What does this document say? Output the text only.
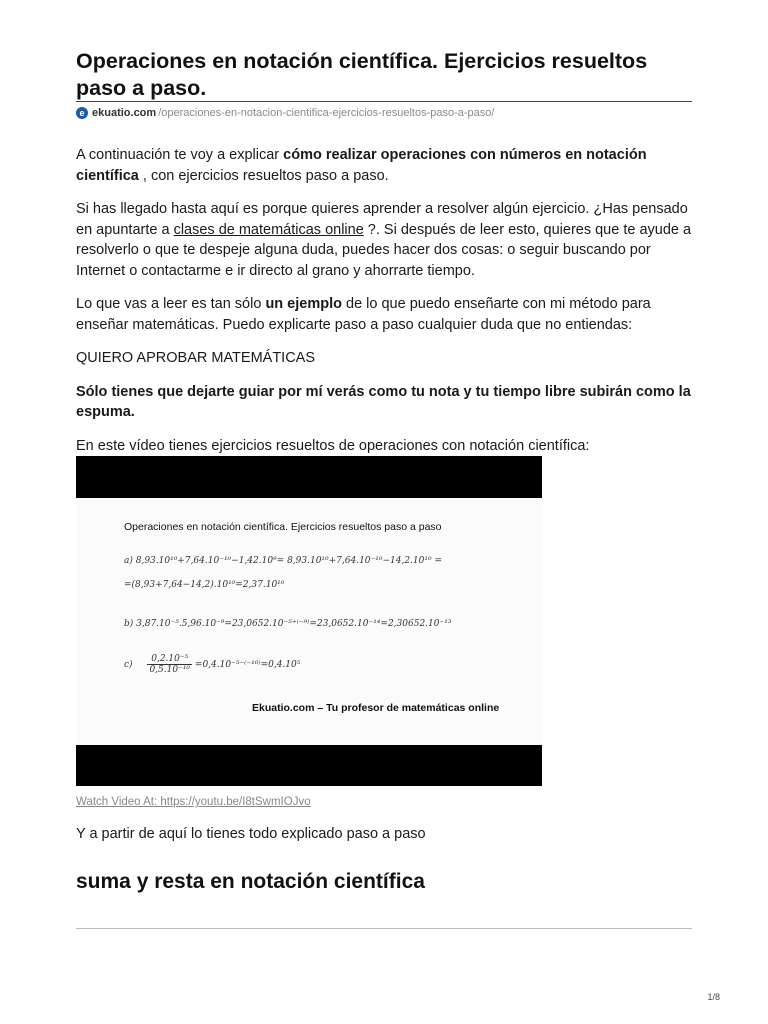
Operaciones en notación científica. Ejercicios resueltos paso a paso.
e ekuatio.com /operaciones-en-notacion-cientifica-ejercicios-resueltos-paso-a-paso/

A continuación te voy a explicar cómo realizar operaciones con números en notación científica , con ejercicios resueltos paso a paso.

Si has llegado hasta aquí es porque quieres aprender a resolver algún ejercicio. ¿Has pensado en apuntarte a clases de matemáticas online ?. Si después de leer esto, quieres que te ayude a resolverlo o que te despeje alguna duda, puedes hacer dos cosas: o seguir buscando por Internet o contactarme e ir directo al grano y ahorrarte tiempo.

Lo que vas a leer es tan sólo un ejemplo de lo que puedo enseñarte con mi método para enseñar matemáticas. Puedo explicarte paso a paso cualquier duda que no entiendas:

QUIERO APROBAR MATEMÁTICAS

Sólo tienes que dejarte guiar por mí verás como tu nota y tu tiempo libre subirán como la espuma.

En este vídeo tienes ejercicios resueltos de operaciones con notación científica:

Operaciones en notación científica. Ejercicios resueltos paso a paso
a) 8,93.10¹⁰+7,64.10⁻¹⁰−1,42.10⁹= 8,93.10¹⁰+7,64.10⁻¹⁰−14,2.10¹⁰ =
=(8,93+7,64−14,2).10¹⁰=2,37.10¹⁰
b) 3,87.10⁻⁵.5,96.10⁻⁹=23,0652.10⁻⁵⁺⁽⁻⁹⁾=23,0652.10⁻¹⁴=2,30652.10⁻¹³
$c) \frac{\text{0,2.10⁻⁵}}{\text{0,5.10⁻¹⁰}} =0,4.10^{-5-(-10)}=0,4.10^5$
Ekuatio.com – Tu profesor de matemáticas online
Watch Video At: https://youtu.be/I8tSwmIOJvo

Y a partir de aquí lo tienes todo explicado paso a paso

suma y resta en notación científica
1/8
